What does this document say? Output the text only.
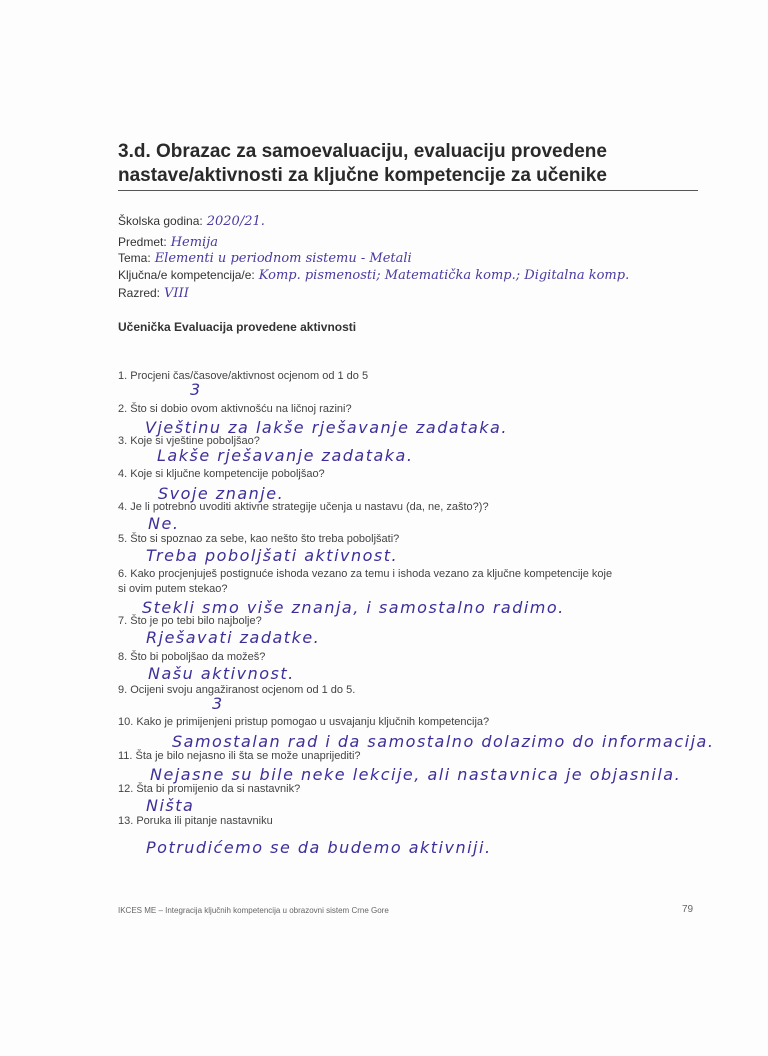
3.d. Obrazac za samoevaluaciju, evaluaciju provedene
nastave/aktivnosti za ključne kompetencije za učenike
Školska godina: 2020/21.
Predmet: Hemija
Tema: Elementi u periodnom sistemu - Metali
Ključna/e kompetencija/e: Komp. pismenosti; Matematička komp.; Digitalna komp.
Razred: VIII
Učenička Evaluacija provedene aktivnosti
1. Procjeni čas/časove/aktivnost ocjenom od 1 do 5
3
2. Što si dobio ovom aktivnošću na ličnoj razini?
Vještinu za lakše rješavanje zadataka.
3. Koje si vještine poboljšao?
Lakše rješavanje zadataka.
4. Koje si ključne kompetencije poboljšao?
Svoje znanje.
4. Je li potrebno uvoditi aktivne strategije učenja u nastavu (da, ne, zašto?)?
Ne.
5. Što si spoznao za sebe, kao nešto što treba poboljšati?
Treba poboljšati aktivnost.
6. Kako procjenjuješ postignuće ishoda vezano za temu i ishoda vezano za ključne kompetencije koje
si ovim putem stekao?
Stekli smo više znanja, i samostalno radimo.
7. Što je po tebi bilo najbolje?
Rješavati zadatke.
8. Što bi poboljšao da možeš?
Našu aktivnost.
9. Ocijeni svoju angažiranost ocjenom od 1 do 5.
3
10. Kako je primijenjeni pristup pomogao u usvajanju ključnih kompetencija?
Samostalan rad i da samostalno dolazimo do informacija.
11. Šta je bilo nejasno ili šta se može unaprijediti?
Nejasne su bile neke lekcije, ali nastavnica je objasnila.
12. Šta bi promijenio da si nastavnik?
Ništa
13. Poruka ili pitanje nastavniku
Potrudićemo se da budemo aktivniji.
IKCES ME – Integracija ključnih kompetencija u obrazovni sistem Crne Gore	79
